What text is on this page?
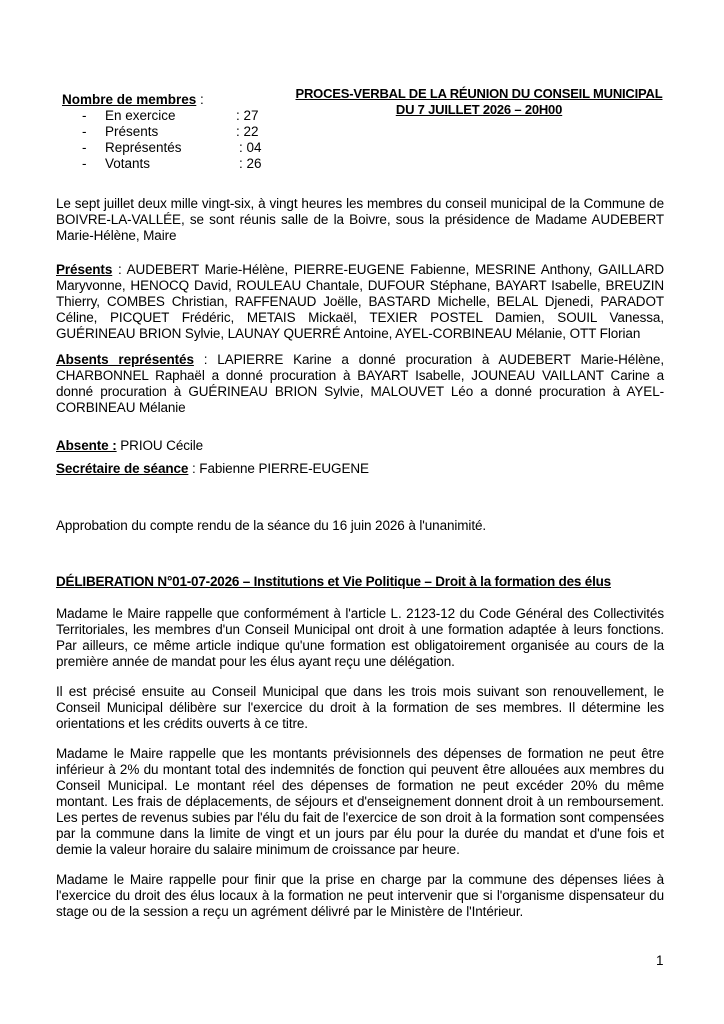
Nombre de membres :
- En exercice	: 27
- Présents	: 22
- Représentés	: 04
- Votants	: 26
PROCES-VERBAL DE LA RÉUNION DU CONSEIL MUNICIPAL
DU 7 JUILLET 2026 – 20H00

Le sept juillet deux mille vingt-six, à vingt heures les membres du conseil municipal de la Commune de BOIVRE-LA-VALLÉE, se sont réunis salle de la Boivre, sous la présidence de Madame AUDEBERT Marie-Hélène, Maire

Présents : AUDEBERT Marie-Hélène, PIERRE-EUGENE Fabienne, MESRINE Anthony, GAILLARD Maryvonne, HENOCQ David, ROULEAU Chantale, DUFOUR Stéphane, BAYART Isabelle, BREUZIN Thierry, COMBES Christian, RAFFENAUD Joëlle, BASTARD Michelle, BELAL Djenedi, PARADOT Céline, PICQUET Frédéric, METAIS Mickaël, TEXIER POSTEL Damien, SOUIL Vanessa, GUÉRINEAU BRION Sylvie, LAUNAY QUERRÉ Antoine, AYEL-CORBINEAU Mélanie, OTT Florian

Absents représentés : LAPIERRE Karine a donné procuration à AUDEBERT Marie-Hélène, CHARBONNEL Raphaël a donné procuration à BAYART Isabelle, JOUNEAU VAILLANT Carine a donné procuration à GUÉRINEAU BRION Sylvie, MALOUVET Léo a donné procuration à AYEL-CORBINEAU Mélanie

Absente : PRIOU Cécile

Secrétaire de séance : Fabienne PIERRE-EUGENE

Approbation du compte rendu de la séance du 16 juin 2026 à l'unanimité.

DÉLIBERATION N°01-07-2026 – Institutions et Vie Politique – Droit à la formation des élus

Madame le Maire rappelle que conformément à l'article L. 2123-12 du Code Général des Collectivités Territoriales, les membres d'un Conseil Municipal ont droit à une formation adaptée à leurs fonctions. Par ailleurs, ce même article indique qu'une formation est obligatoirement organisée au cours de la première année de mandat pour les élus ayant reçu une délégation.

Il est précisé ensuite au Conseil Municipal que dans les trois mois suivant son renouvellement, le Conseil Municipal délibère sur l'exercice du droit à la formation de ses membres. Il détermine les orientations et les crédits ouverts à ce titre.

Madame le Maire rappelle que les montants prévisionnels des dépenses de formation ne peut être inférieur à 2% du montant total des indemnités de fonction qui peuvent être allouées aux membres du Conseil Municipal. Le montant réel des dépenses de formation ne peut excéder 20% du même montant. Les frais de déplacements, de séjours et d'enseignement donnent droit à un remboursement. Les pertes de revenus subies par l'élu du fait de l'exercice de son droit à la formation sont compensées par la commune dans la limite de vingt et un jours par élu pour la durée du mandat et d'une fois et demie la valeur horaire du salaire minimum de croissance par heure.

Madame le Maire rappelle pour finir que la prise en charge par la commune des dépenses liées à l'exercice du droit des élus locaux à la formation ne peut intervenir que si l'organisme dispensateur du stage ou de la session a reçu un agrément délivré par le Ministère de l'Intérieur.

1
